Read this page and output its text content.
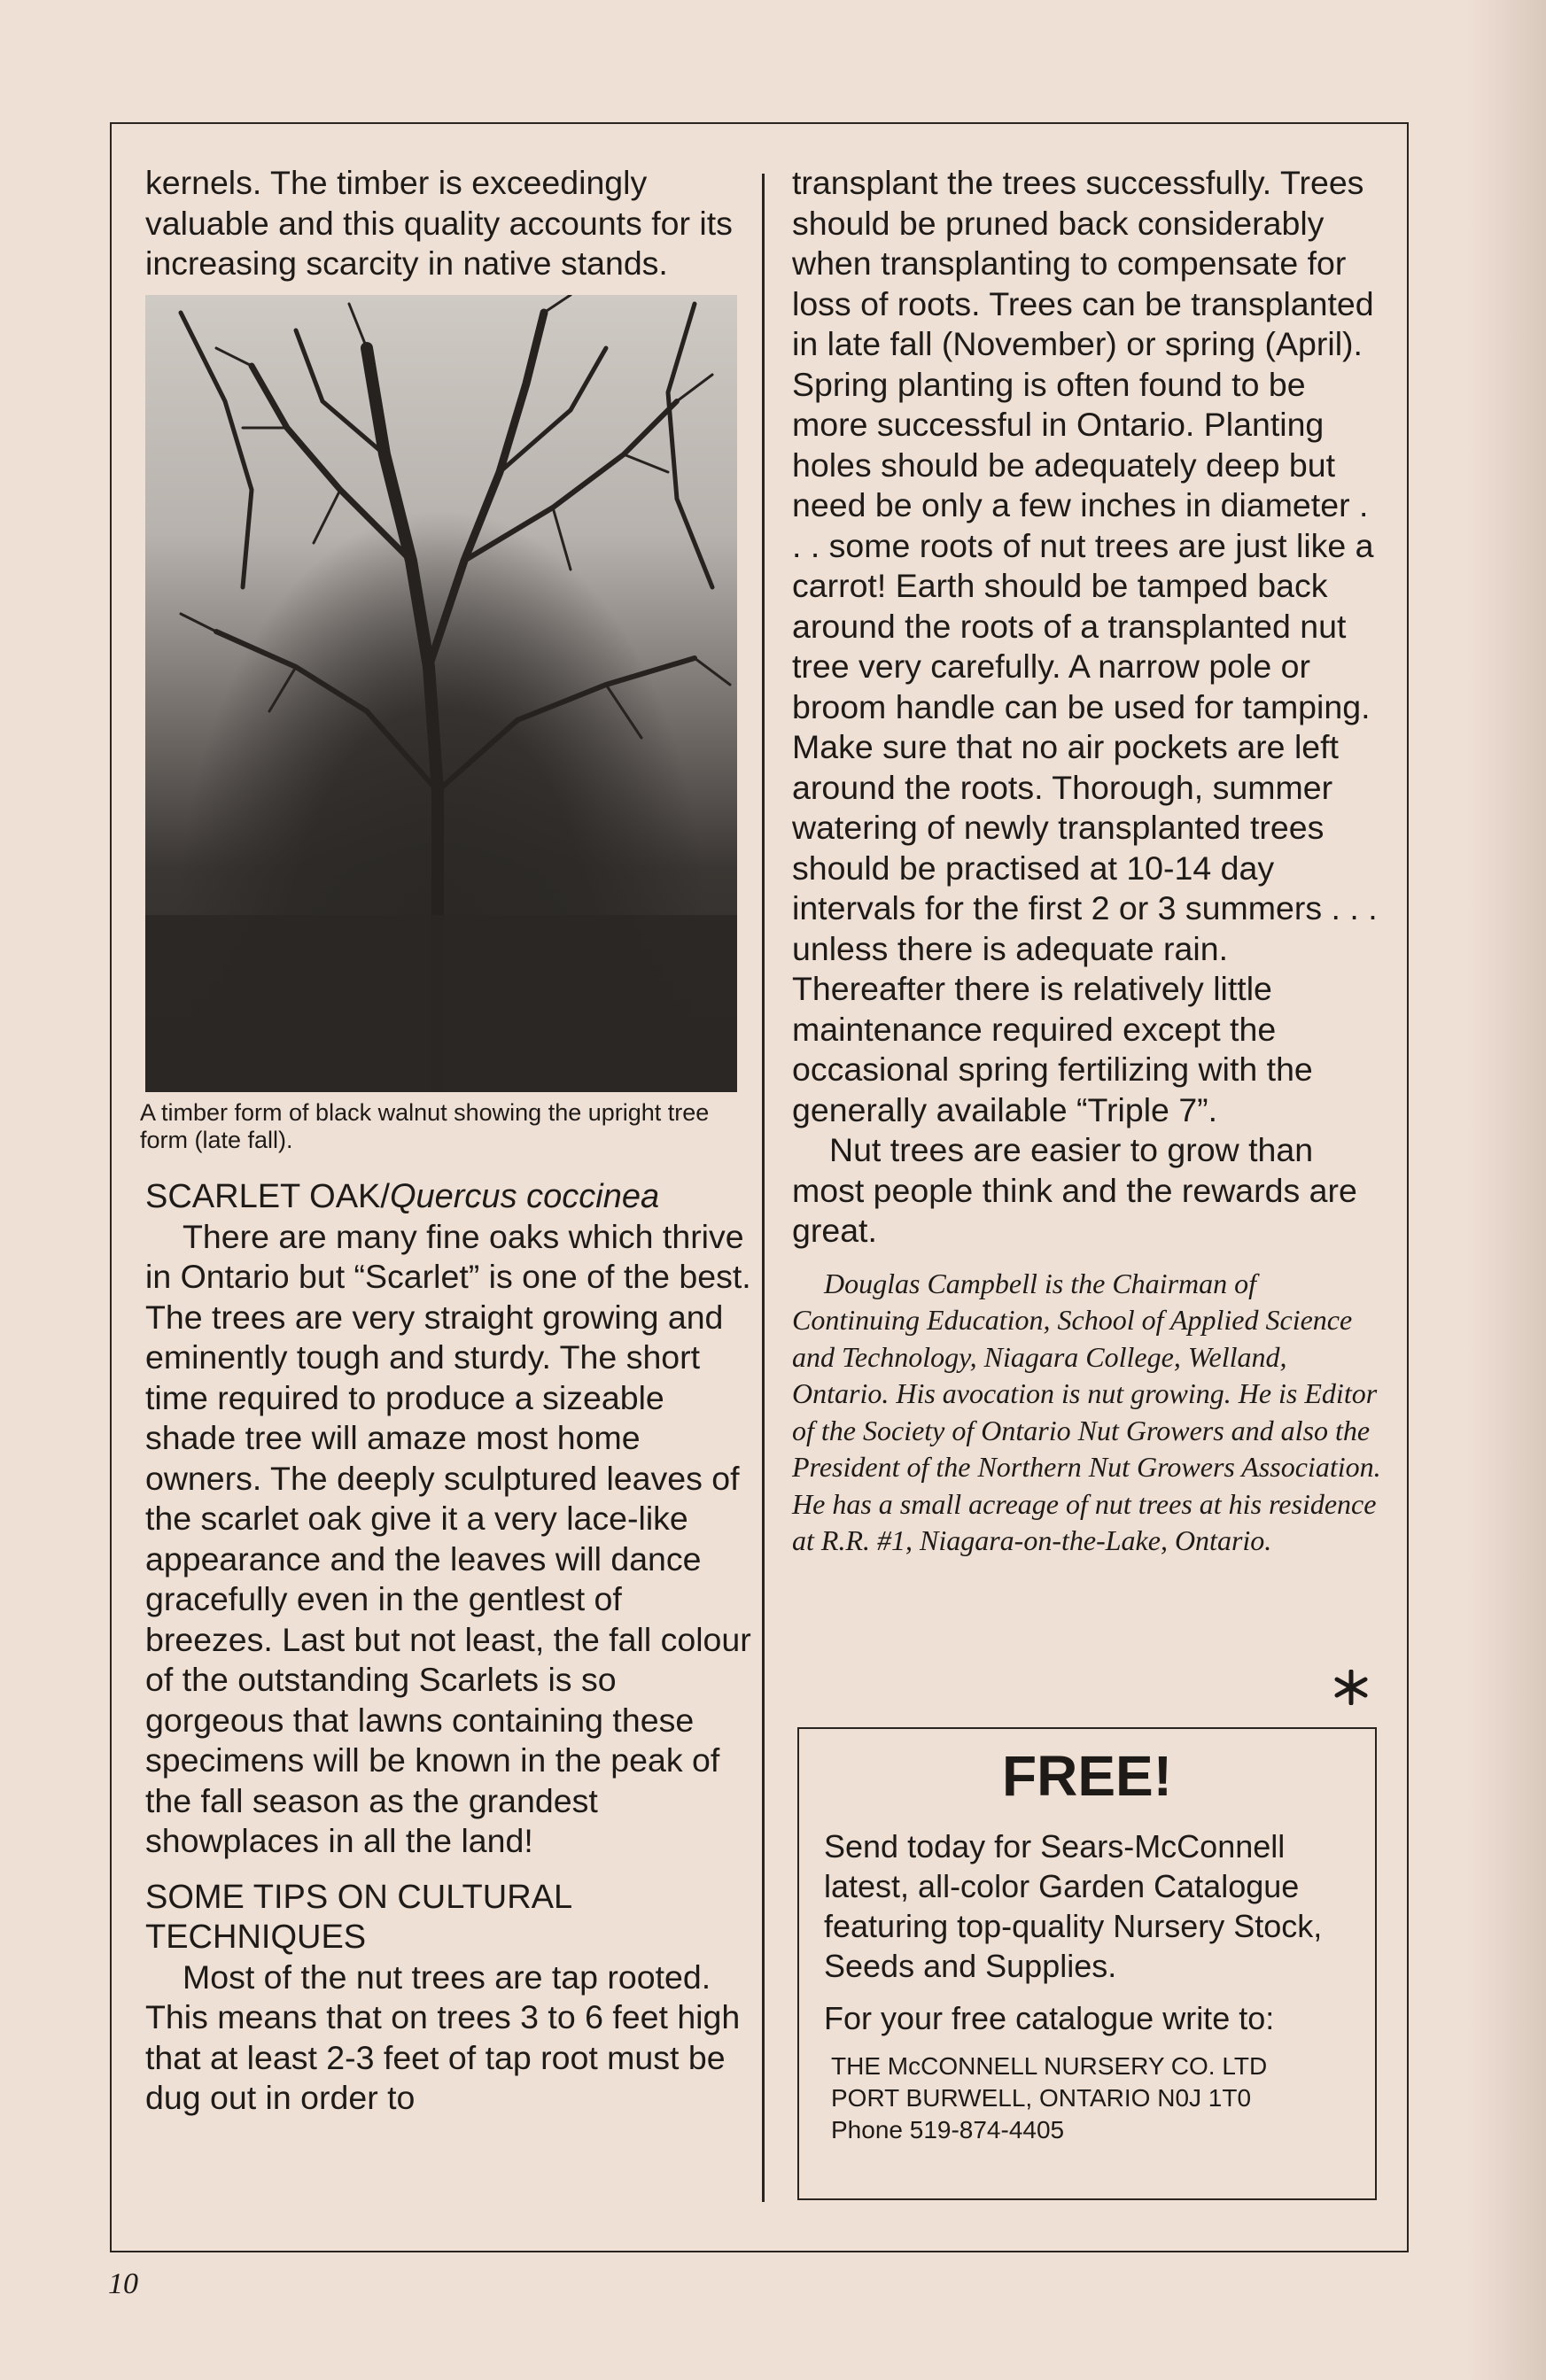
kernels. The timber is exceedingly valuable and this quality accounts for its increasing scarcity in native stands.

A timber form of black walnut showing the upright tree form (late fall).

SCARLET OAK/Quercus coccinea

There are many fine oaks which thrive in Ontario but “Scarlet” is one of the best. The trees are very straight growing and eminently tough and sturdy. The short time required to produce a sizeable shade tree will amaze most home owners. The deeply sculptured leaves of the scarlet oak give it a very lace-like appearance and the leaves will dance gracefully even in the gentlest of breezes. Last but not least, the fall colour of the outstanding Scarlets is so gorgeous that lawns containing these specimens will be known in the peak of the fall season as the grandest showplaces in all the land!

SOME TIPS ON CULTURAL TECHNIQUES

Most of the nut trees are tap rooted. This means that on trees 3 to 6 feet high that at least 2-3 feet of tap root must be dug out in order to

transplant the trees successfully. Trees should be pruned back considerably when transplanting to compensate for loss of roots. Trees can be transplanted in late fall (November) or spring (April). Spring planting is often found to be more successful in Ontario. Planting holes should be adequately deep but need be only a few inches in diameter . . . some roots of nut trees are just like a carrot! Earth should be tamped back around the roots of a transplanted nut tree very carefully. A narrow pole or broom handle can be used for tamping. Make sure that no air pockets are left around the roots. Thorough, summer watering of newly transplanted trees should be practised at 10-14 day intervals for the first 2 or 3 summers . . . unless there is adequate rain. Thereafter there is relatively little maintenance required except the occasional spring fertilizing with the generally available “Triple 7”.

Nut trees are easier to grow than most people think and the rewards are great.

Douglas Campbell is the Chairman of Continuing Education, School of Applied Science and Technology, Niagara College, Welland, Ontario. His avocation is nut growing. He is Editor of the Society of Ontario Nut Growers and also the President of the Northern Nut Growers Association. He has a small acreage of nut trees at his residence at R.R. #1, Niagara-on-the-Lake, Ontario.

FREE!

Send today for Sears-McConnell latest, all-color Garden Catalogue featuring top-quality Nursery Stock, Seeds and Supplies.

For your free catalogue write to:

THE McCONNELL NURSERY CO. LTD
PORT BURWELL, ONTARIO N0J 1T0
Phone 519-874-4405

10
